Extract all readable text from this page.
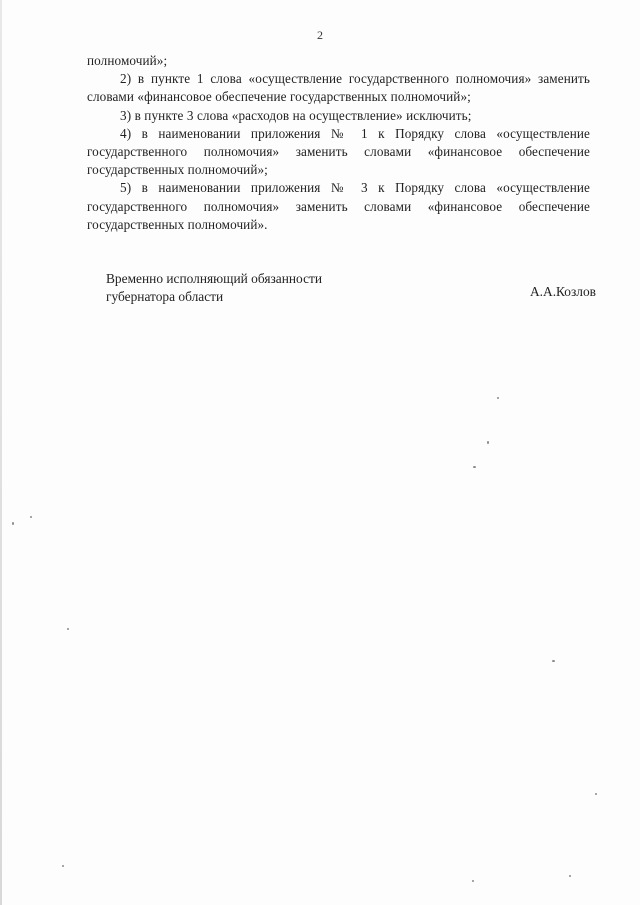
2

полномочий»;

2) в пункте 1 слова «осуществление государственного полномочия» заменить словами «финансовое обеспечение государственных полномочий»;

3) в пункте 3 слова «расходов на осуществление» исключить;

4) в наименовании приложения № 1 к Порядку слова «осуществление государственного полномочия» заменить словами «финансовое обеспечение государственных полномочий»;

5) в наименовании приложения № 3 к Порядку слова «осуществление государственного полномочия» заменить словами «финансовое обеспечение государственных полномочий».

Временно исполняющий обязанности
губернатора области	А.А.Козлов
